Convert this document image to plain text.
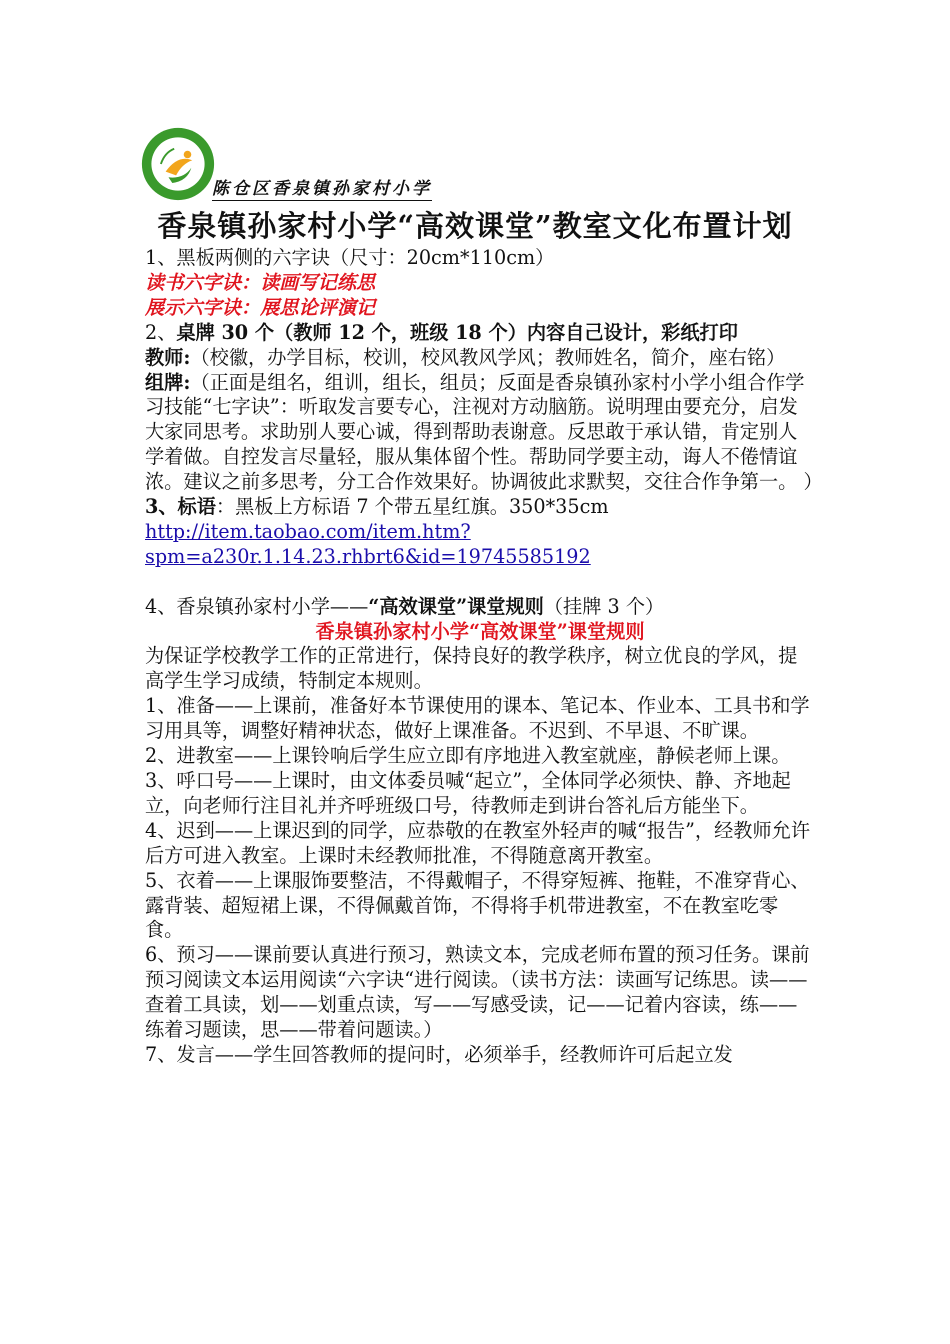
陈仓区香泉镇孙家村小学
香泉镇孙家村小学“高效课堂”教室文化布置计划

1、黑板两侧的六字诀（尺寸：20cm*110cm）

读书六字诀：读画写记练思

展示六字诀：展思论评演记

2、桌牌 30 个（教师 12 个，班级 18 个）内容自己设计，彩纸打印

教师:（校徽，办学目标，校训，校风教风学风；教师姓名，简介，座右铭）

组牌:（正面是组名，组训，组长，组员；反面是香泉镇孙家村小学小组合作学习技能“七字诀”：听取发言要专心，注视对方动脑筋。说明理由要充分，启发大家同思考。求助别人要心诚，得到帮助表谢意。反思敢于承认错，肯定别人学着做。自控发言尽量轻，服从集体留个性。帮助同学要主动，诲人不倦情谊浓。建议之前多思考，分工合作效果好。协调彼此求默契，交往合作争第一。 ）

3、标语：黑板上方标语 7 个带五星红旗。350*35cm

http://item.taobao.com/item.htm?
spm=a230r.1.14.23.rhbrt6&id=19745585192

4、香泉镇孙家村小学——“高效课堂”课堂规则（挂牌 3 个）

香泉镇孙家村小学“高效课堂”课堂规则

为保证学校教学工作的正常进行，保持良好的教学秩序，树立优良的学风，提高学生学习成绩，特制定本规则。

1、准备——上课前，准备好本节课使用的课本、笔记本、作业本、工具书和学习用具等，调整好精神状态，做好上课准备。不迟到、不早退、不旷课。

2、进教室——上课铃响后学生应立即有序地进入教室就座，静候老师上课。

3、呼口号——上课时，由文体委员喊“起立”，全体同学必须快、静、齐地起立，向老师行注目礼并齐呼班级口号，待教师走到讲台答礼后方能坐下。

4、迟到——上课迟到的同学，应恭敬的在教室外轻声的喊“报告”，经教师允许后方可进入教室。上课时未经教师批准，不得随意离开教室。

5、衣着——上课服饰要整洁，不得戴帽子，不得穿短裤、拖鞋，不准穿背心、露背装、超短裙上课，不得佩戴首饰，不得将手机带进教室，不在教室吃零食。

6、预习——课前要认真进行预习，熟读文本，完成老师布置的预习任务。课前预习阅读文本运用阅读“六字诀“进行阅读。（读书方法：读画写记练思。读——查着工具读，划——划重点读，写——写感受读，记——记着内容读，练——练着习题读，思——带着问题读。）

7、发言——学生回答教师的提问时，必须举手，经教师许可后起立发
